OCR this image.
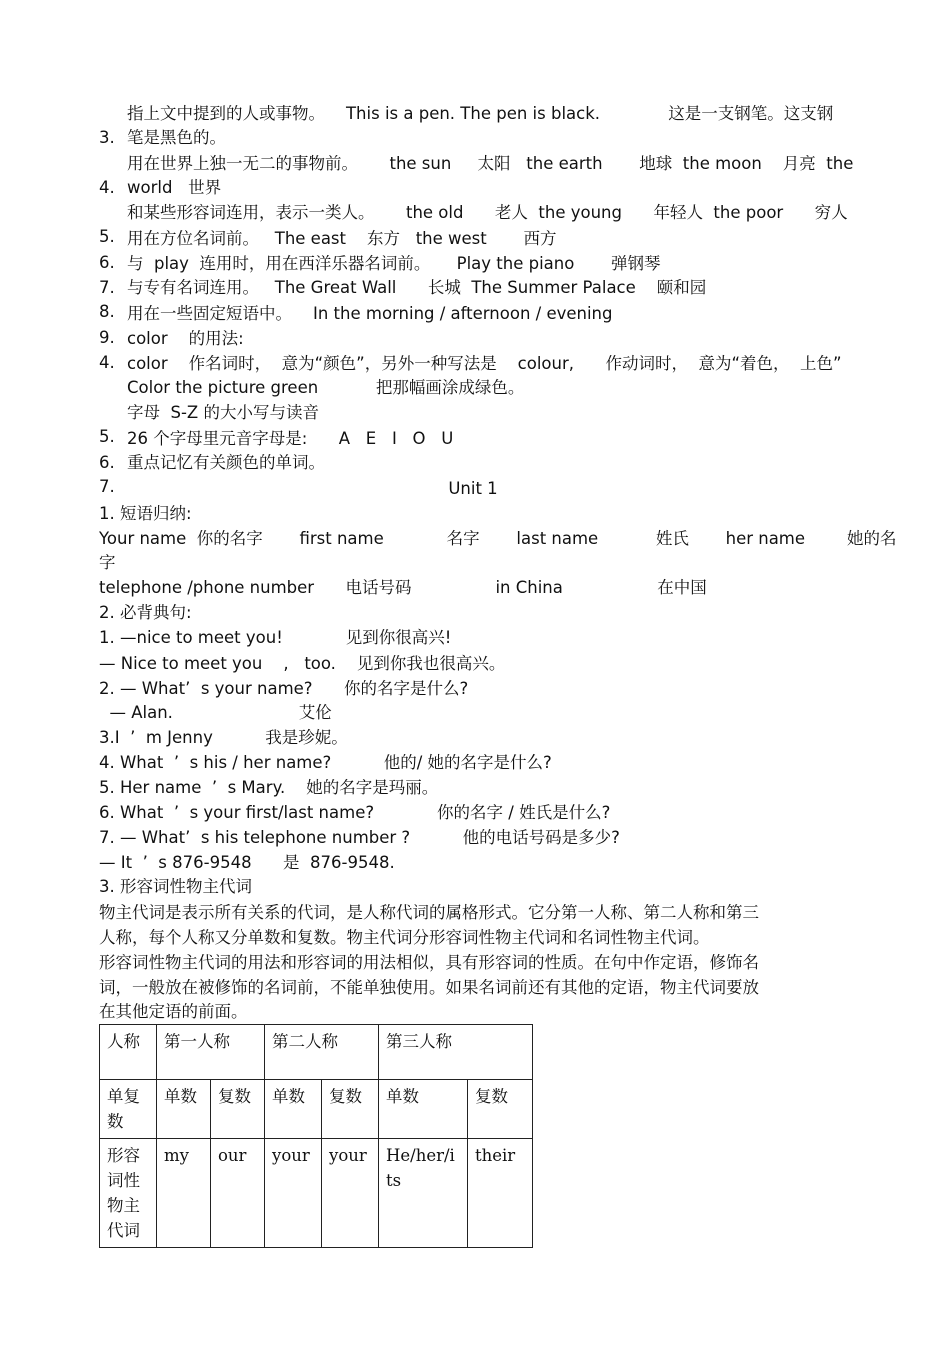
3.

指上文中提到的人或事物。    This is a pen. The pen is black.             这是一支钢笔。这支钢

笔是黑色的。

4.

用在世界上独一无二的事物前。      the sun     太阳   the earth       地球  the moon    月亮  the

world   世界

5.

和某些形容词连用，表示一类人。      the old      老人  the young      年轻人  the poor      穷人

6.

用在方位名词前。   The east    东方   the west       西方

7.

与  play  连用时，用在西洋乐器名词前。     Play the piano       弹钢琴

8.

与专有名词连用。   The Great Wall      长城  The Summer Palace    颐和园

9.

用在一些固定短语中。    In the morning / afternoon / evening

4.

color    的用法:

color    作名词时，  意为“颜色”，另外一种写法是    colour,      作动词时，  意为“着色，  上色”

Color the picture green           把那幅画涂成绿色。

5.

字母  S-Z 的大小写与读音

6.

26 个字母里元音字母是:      A   E   I   O   U

7.

重点记忆有关颜色的单词。

Unit 1
1. 短语归纳:
Your name  你的名字       first name            名字       last name           姓氏       her name        她的名
字
telephone /phone number      电话号码                in China                  在中国
2. 必背典句:
1. —nice to meet you!            见到你很高兴!
— Nice to meet you    ,   too.    见到你我也很高兴。
2. — What’  s your name?      你的名字是什么?
— Alan.                        艾伦
3.I  ’  m Jenny          我是珍妮。
4. What  ’  s his / her name?          他的/ 她的名字是什么?
5. Her name  ’  s Mary.    她的名字是玛丽。
6. What  ’  s your first/last name?            你的名字 / 姓氏是什么?
7. — What’  s his telephone number ?          他的电话号码是多少?
— It  ’  s 876-9548      是  876-9548.
3. 形容词性物主代词
物主代词是表示所有关系的代词，是人称代词的属格形式。它分第一人称、第二人称和第三
人称，每个人称又分单数和复数。物主代词分形容词性物主代词和名词性物主代词。
形容词性物主代词的用法和形容词的用法相似，具有形容词的性质。在句中作定语，修饰名
词，一般放在被修饰的名词前，不能单独使用。如果名词前还有其他的定语，物主代词要放
在其他定语的前面。
人称	第一人称		第二人称		第三人称	
单复数	单数	复数	单数	复数	单数	复数
形容词性物主代词	my	our	your	your	He/her/its	their
